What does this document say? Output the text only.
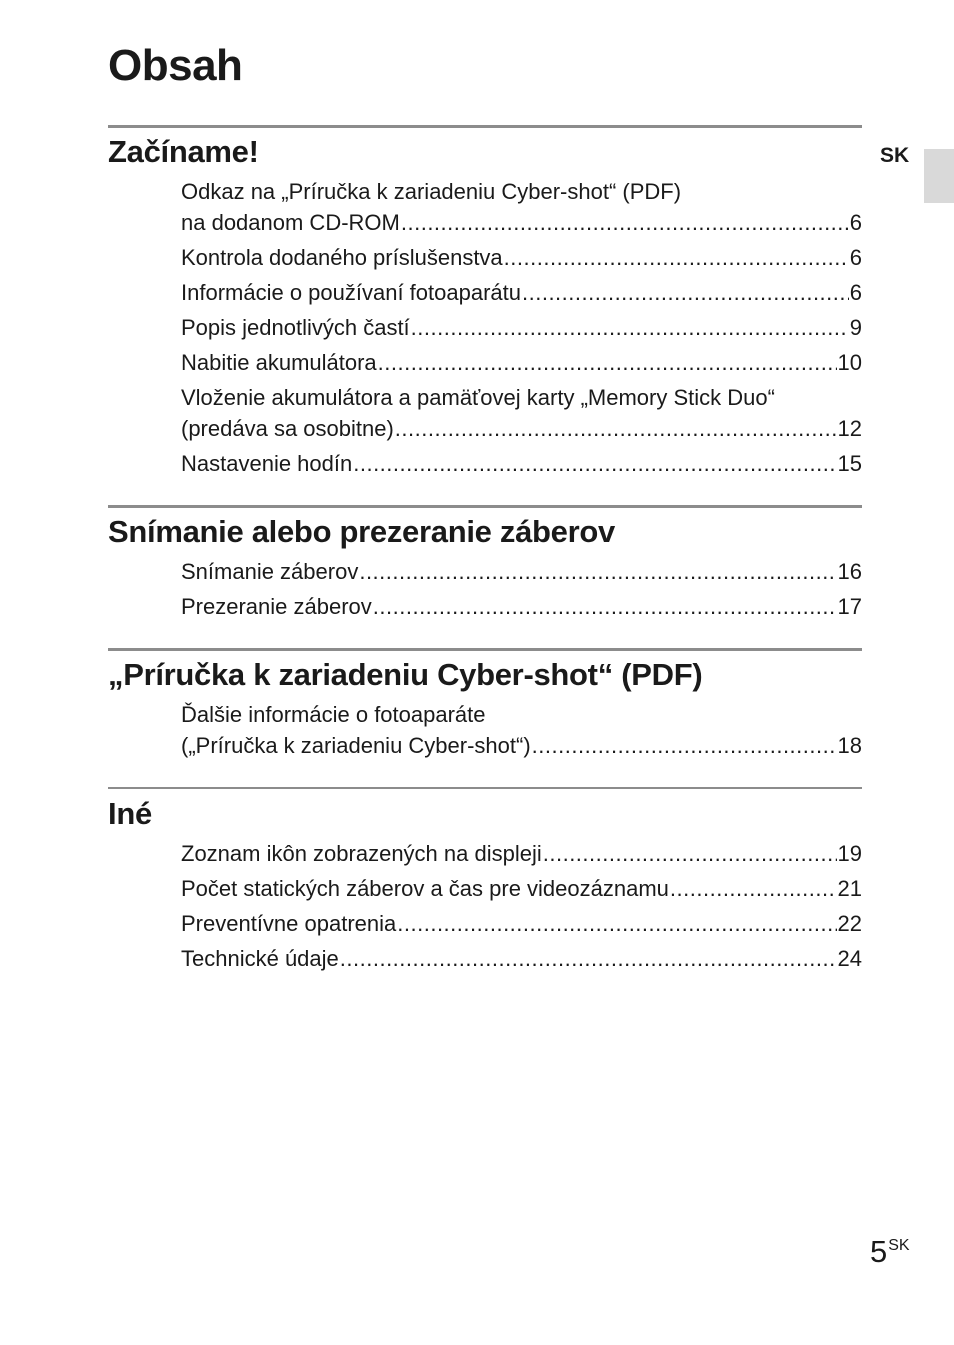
Obsah
SK
Začíname!
Odkaz na „Príručka k zariadeniu Cyber-shot“ (PDF)
na dodanom CD-ROM .....	6
Kontrola dodaného príslušenstva .....	6
Informácie o používaní fotoaparátu .....	6
Popis jednotlivých častí .....	9
Nabitie akumulátora .....	10
Vloženie akumulátora a pamäťovej karty „Memory Stick Duo“
(predáva sa osobitne) .....	12
Nastavenie hodín .....	15
Snímanie alebo prezeranie záberov
Snímanie záberov .....	16
Prezeranie záberov .....	17
„Príručka k zariadeniu Cyber-shot“ (PDF)
Ďalšie informácie o fotoaparáte
(„Príručka k zariadeniu Cyber-shot“) .....	18
Iné
Zoznam ikôn zobrazených na displeji .....	19
Počet statických záberov a čas pre videozáznamu .....	21
Preventívne opatrenia .....	22
Technické údaje .....	24
$5^{SK}$
